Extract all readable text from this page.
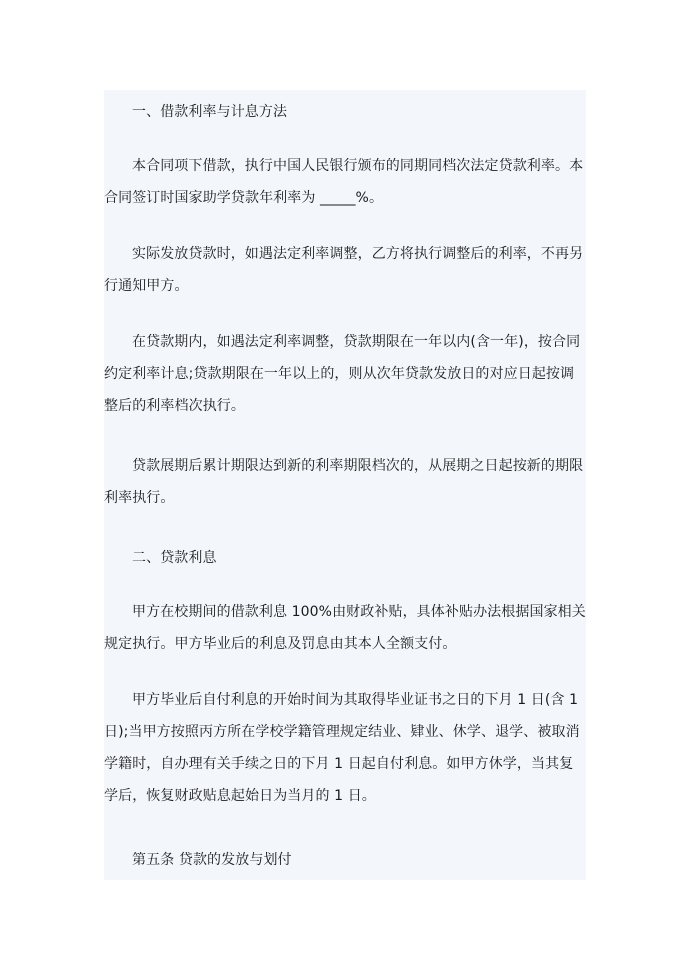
一、借款利率与计息方法

本合同项下借款，执行中国人民银行颁布的同期同档次法定贷款利率。本合同签订时国家助学贷款年利率为 _____%。

实际发放贷款时，如遇法定利率调整，乙方将执行调整后的利率，不再另行通知甲方。

在贷款期内，如遇法定利率调整，贷款期限在一年以内(含一年)，按合同约定利率计息;贷款期限在一年以上的，则从次年贷款发放日的对应日起按调整后的利率档次执行。

贷款展期后累计期限达到新的利率期限档次的，从展期之日起按新的期限利率执行。

二、贷款利息

甲方在校期间的借款利息 100%由财政补贴，具体补贴办法根据国家相关规定执行。甲方毕业后的利息及罚息由其本人全额支付。

甲方毕业后自付利息的开始时间为其取得毕业证书之日的下月 1 日(含 1 日);当甲方按照丙方所在学校学籍管理规定结业、肄业、休学、退学、被取消学籍时，自办理有关手续之日的下月 1 日起自付利息。如甲方休学，当其复学后，恢复财政贴息起始日为当月的 1 日。

第五条 贷款的发放与划付
